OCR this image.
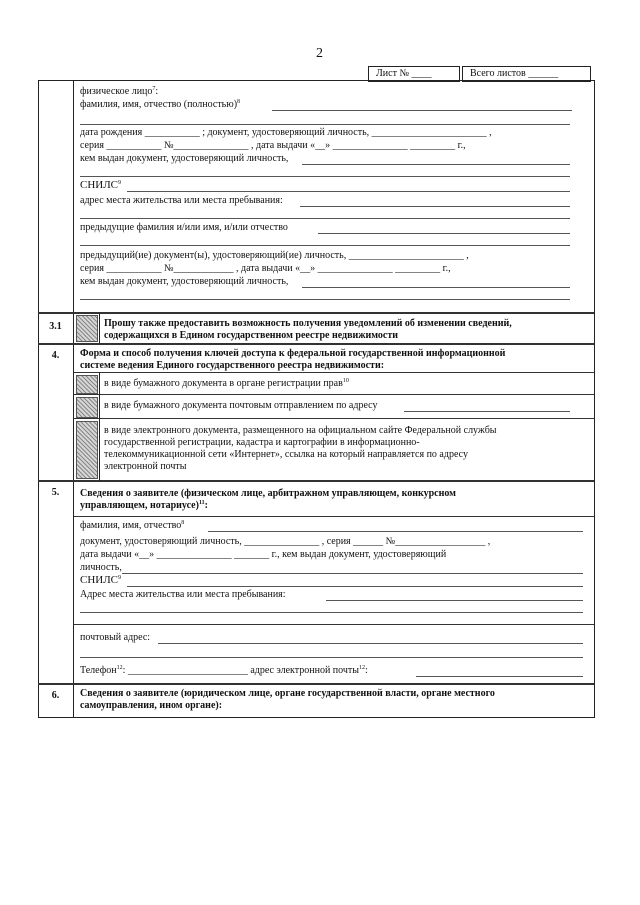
2
Лист № ____	Всего листов ______
физическое лицо$^7$:
фамилия, имя, отчество (полностью)$^8$
дата рождения ___________ ; документ, удостоверяющий личность, _______________________ ,
серия ___________ №_______________ , дата выдачи «__» _______________ _________ г.,
кем выдан документ, удостоверяющий личность,
СНИЛС$^9$
адрес места жительства или места пребывания:
предыдущие фамилия и/или имя, и/или отчество
предыдущий(ие) документ(ы), удостоверяющий(ие) личность, _______________________ ,
серия ___________ №____________ , дата выдачи «__» _______________ _________ г.,
кем выдан документ, удостоверяющий личность,
3.1	Прошу также предоставить возможность получения уведомлений об изменении сведений,
содержащихся в Едином государственном реестре недвижимости
4.	Форма и способ получения ключей доступа к федеральной государственной информационной
системе ведения Единого государственного реестра недвижимости:
в виде бумажного документа в органе регистрации прав$^{10}$
в виде бумажного документа почтовым отправлением по адресу
в виде электронного документа, размещенного на официальном сайте Федеральной службы
государственной регистрации, кадастра и картографии в информационно-
телекоммуникационной сети «Интернет», ссылка на который направляется по адресу
электронной почты
5.	Сведения о заявителе (физическом лице, арбитражном управляющем, конкурсном
управляющем, нотариусе)$^{11}$:
фамилия, имя, отчество$^8$
документ, удостоверяющий личность, _______________ , серия ______ №__________________ ,
дата выдачи «__» _______________ _______ г., кем выдан документ, удостоверяющий
личность,
СНИЛС$^9$
Адрес места жительства или места пребывания:
почтовый адрес:
Телефон$^{12}$: ________________________ адрес электронной почты$^{12}$:
6.	Сведения о заявителе (юридическом лице, органе государственной власти, органе местного
самоуправления, ином органе):
